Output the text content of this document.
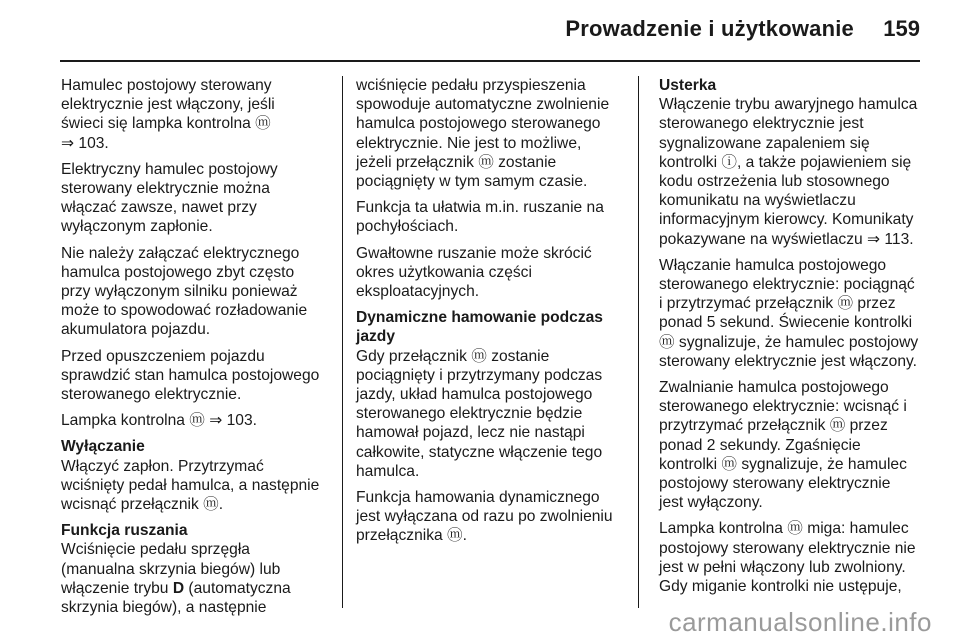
Prowadzenie i użytkowanie 159

Hamulec postojowy sterowany
elektrycznie jest włączony, jeśli
świeci się lampka kontrolna ⓜ
⇒ 103.

Elektryczny hamulec postojowy
sterowany elektrycznie można
włączać zawsze, nawet przy
wyłączonym zapłonie.

Nie należy załączać elektrycznego
hamulca postojowego zbyt często
przy wyłączonym silniku ponieważ
może to spowodować rozładowanie
akumulatora pojazdu.

Przed opuszczeniem pojazdu
sprawdzić stan hamulca postojowego
sterowanego elektrycznie.

Lampka kontrolna ⓜ ⇒ 103.

Wyłączanie

Włączyć zapłon. Przytrzymać
wciśnięty pedał hamulca, a następnie
wcisnąć przełącznik ⓜ.

Funkcja ruszania

Wciśnięcie pedału sprzęgła
(manualna skrzynia biegów) lub
włączenie trybu D (automatyczna
skrzynia biegów), a następnie

wciśnięcie pedału przyspieszenia
spowoduje automatyczne zwolnienie
hamulca postojowego sterowanego
elektrycznie. Nie jest to możliwe,
jeżeli przełącznik ⓜ zostanie
pociągnięty w tym samym czasie.

Funkcja ta ułatwia m.in. ruszanie na
pochyłościach.

Gwałtowne ruszanie może skrócić
okres użytkowania części
eksploatacyjnych.

Dynamiczne hamowanie podczas
jazdy

Gdy przełącznik ⓜ zostanie
pociągnięty i przytrzymany podczas
jazdy, układ hamulca postojowego
sterowanego elektrycznie będzie
hamował pojazd, lecz nie nastąpi
całkowite, statyczne włączenie tego
hamulca.

Funkcja hamowania dynamicznego
jest wyłączana od razu po zwolnieniu
przełącznika ⓜ.

Usterka

Włączenie trybu awaryjnego hamulca
sterowanego elektrycznie jest
sygnalizowane zapaleniem się
kontrolki ⓘ, a także pojawieniem się
kodu ostrzeżenia lub stosownego
komunikatu na wyświetlaczu
informacyjnym kierowcy. Komunikaty
pokazywane na wyświetlaczu ⇒ 113.

Włączanie hamulca postojowego
sterowanego elektrycznie: pociągnąć
i przytrzymać przełącznik ⓜ przez
ponad 5 sekund. Świecenie kontrolki
ⓜ sygnalizuje, że hamulec postojowy
sterowany elektrycznie jest włączony.

Zwalnianie hamulca postojowego
sterowanego elektrycznie: wcisnąć i
przytrzymać przełącznik ⓜ przez
ponad 2 sekundy. Zgaśnięcie
kontrolki ⓜ sygnalizuje, że hamulec
postojowy sterowany elektrycznie
jest wyłączony.

Lampka kontrolna ⓜ miga: hamulec
postojowy sterowany elektrycznie nie
jest w pełni włączony lub zwolniony.
Gdy miganie kontrolki nie ustępuje,

carmanualsonline.info
